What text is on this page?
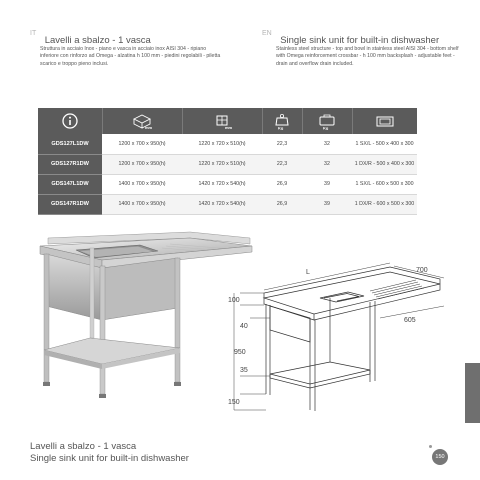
$^{IT}$ Lavelli a sbalzo - 1 vasca
$^{EN}$ Single sink unit for built-in dishwasher

Struttura in acciaio Inox - piano e vasca in acciaio inox AISI 304 - ripiano inferiore con rinforzo ad Omega - alzatina h 100 mm - piedini regolabili - piletta scarico e troppo pieno inclusi.

Stainless steel structure - top and bowl in stainless steel AISI 304 - bottom shelf with Omega reinforcement crossbar - h 100 mm backsplash - adjustable feet - drain and overflow drain included.

mm	mm	Kg	Kg

GDS127L1DW	1200 x 700 x 950(h)	1220 x 720 x 510(h)	22,3	32	1 SX/L - 500 x 400 x 300
GDS127R1DW	1200 x 700 x 950(h)	1220 x 720 x 510(h)	22,3	32	1 DX/R - 500 x 400 x 300
GDS147L1DW	1400 x 700 x 950(h)	1420 x 720 x 540(h)	26,9	39	1 SX/L - 600 x 500 x 300
GDS147R1DW	1400 x 700 x 950(h)	1420 x 720 x 540(h)	26,9	39	1 DX/R - 600 x 500 x 300
L	700
605
100
40
950
35
150
Lavelli a sbalzo - 1 vasca
Single sink unit for built-in dishwasher	150
